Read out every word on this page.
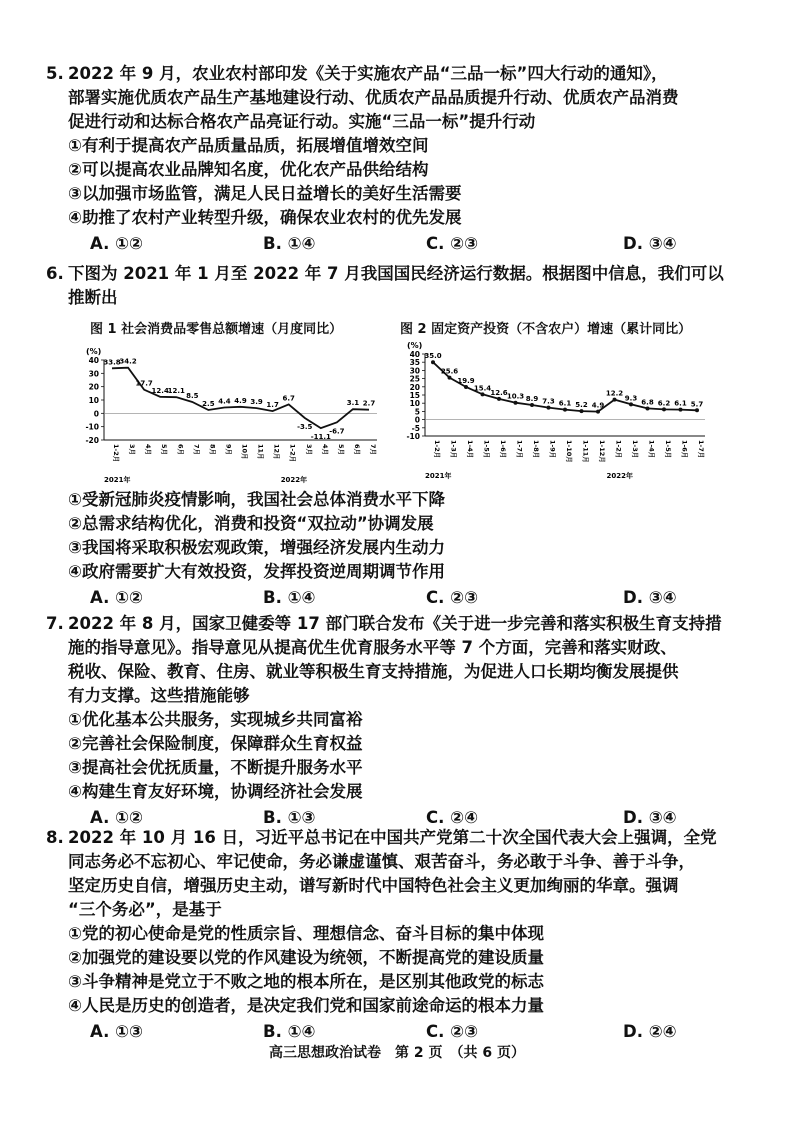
5. 2022 年 9 月，农业农村部印发《关于实施农产品“三品一标”四大行动的通知》，
部署实施优质农产品生产基地建设行动、优质农产品品质提升行动、优质农产品消费
促进行动和达标合格农产品亮证行动。实施“三品一标”提升行动
①有利于提高农产品质量品质，拓展增值增效空间
②可以提高农业品牌知名度，优化农产品供给结构
③以加强市场监管，满足人民日益增长的美好生活需要
④助推了农村产业转型升级，确保农业农村的优先发展
A. ①②	B. ①④	C. ②③	D. ③④
6. 下图为 2021 年 1 月至 2022 年 7 月我国国民经济运行数据。根据图中信息，我们可以
推断出
图 1 社会消费品零售总额增速（月度同比）	图 2 固定资产投资（不含农户）增速（累计同比）
(%)
40
30
20
10
0
-10
-20
33.8
1-2月
34.2
3月
17.7
4月
12.4
5月
12.1
6月
8.5
7月
2.5
8月
4.4
9月
4.9
10月
3.9
11月
1.7
12月
6.7
1-2月
-3.5
3月
-11.1
4月
-6.7
5月
3.1
6月
2.7
7月
2021年	2022年
(%)
40
35
30
25
20
15
10
5
0
-5
-10
35.0
1-2月
25.6
1-3月
19.9
1-4月
15.4
1-5月
12.6
1-6月
10.3
1-7月
8.9
1-8月
7.3
1-9月
6.1
1-10月
5.2
1-11月
4.9
1-12月
12.2
1-2月
9.3
1-3月
6.8
1-4月
6.2
1-5月
6.1
1-6月
5.7
1-7月
2021年	2022年
①受新冠肺炎疫情影响，我国社会总体消费水平下降
②总需求结构优化，消费和投资“双拉动”协调发展
③我国将采取积极宏观政策，增强经济发展内生动力
④政府需要扩大有效投资，发挥投资逆周期调节作用
A. ①②	B. ①④	C. ②③	D. ③④
7. 2022 年 8 月，国家卫健委等 17 部门联合发布《关于进一步完善和落实积极生育支持措
施的指导意见》。指导意见从提高优生优育服务水平等 7 个方面，完善和落实财政、
税收、保险、教育、住房、就业等积极生育支持措施，为促进人口长期均衡发展提供
有力支撑。这些措施能够
①优化基本公共服务，实现城乡共同富裕
②完善社会保险制度，保障群众生育权益
③提高社会优抚质量，不断提升服务水平
④构建生育友好环境，协调经济社会发展
A. ①②	B. ①③	C. ②④	D. ③④
8. 2022 年 10 月 16 日，习近平总书记在中国共产党第二十次全国代表大会上强调，全党
同志务必不忘初心、牢记使命，务必谦虚谨慎、艰苦奋斗，务必敢于斗争、善于斗争，
坚定历史自信，增强历史主动，谱写新时代中国特色社会主义更加绚丽的华章。强调
“三个务必”，是基于
①党的初心使命是党的性质宗旨、理想信念、奋斗目标的集中体现
②加强党的建设要以党的作风建设为统领，不断提高党的建设质量
③斗争精神是党立于不败之地的根本所在，是区别其他政党的标志
④人民是历史的创造者，是决定我们党和国家前途命运的根本力量
A. ①③	B. ①④	C. ②③	D. ②④
高三思想政治试卷　第 2 页　（共 6 页）
